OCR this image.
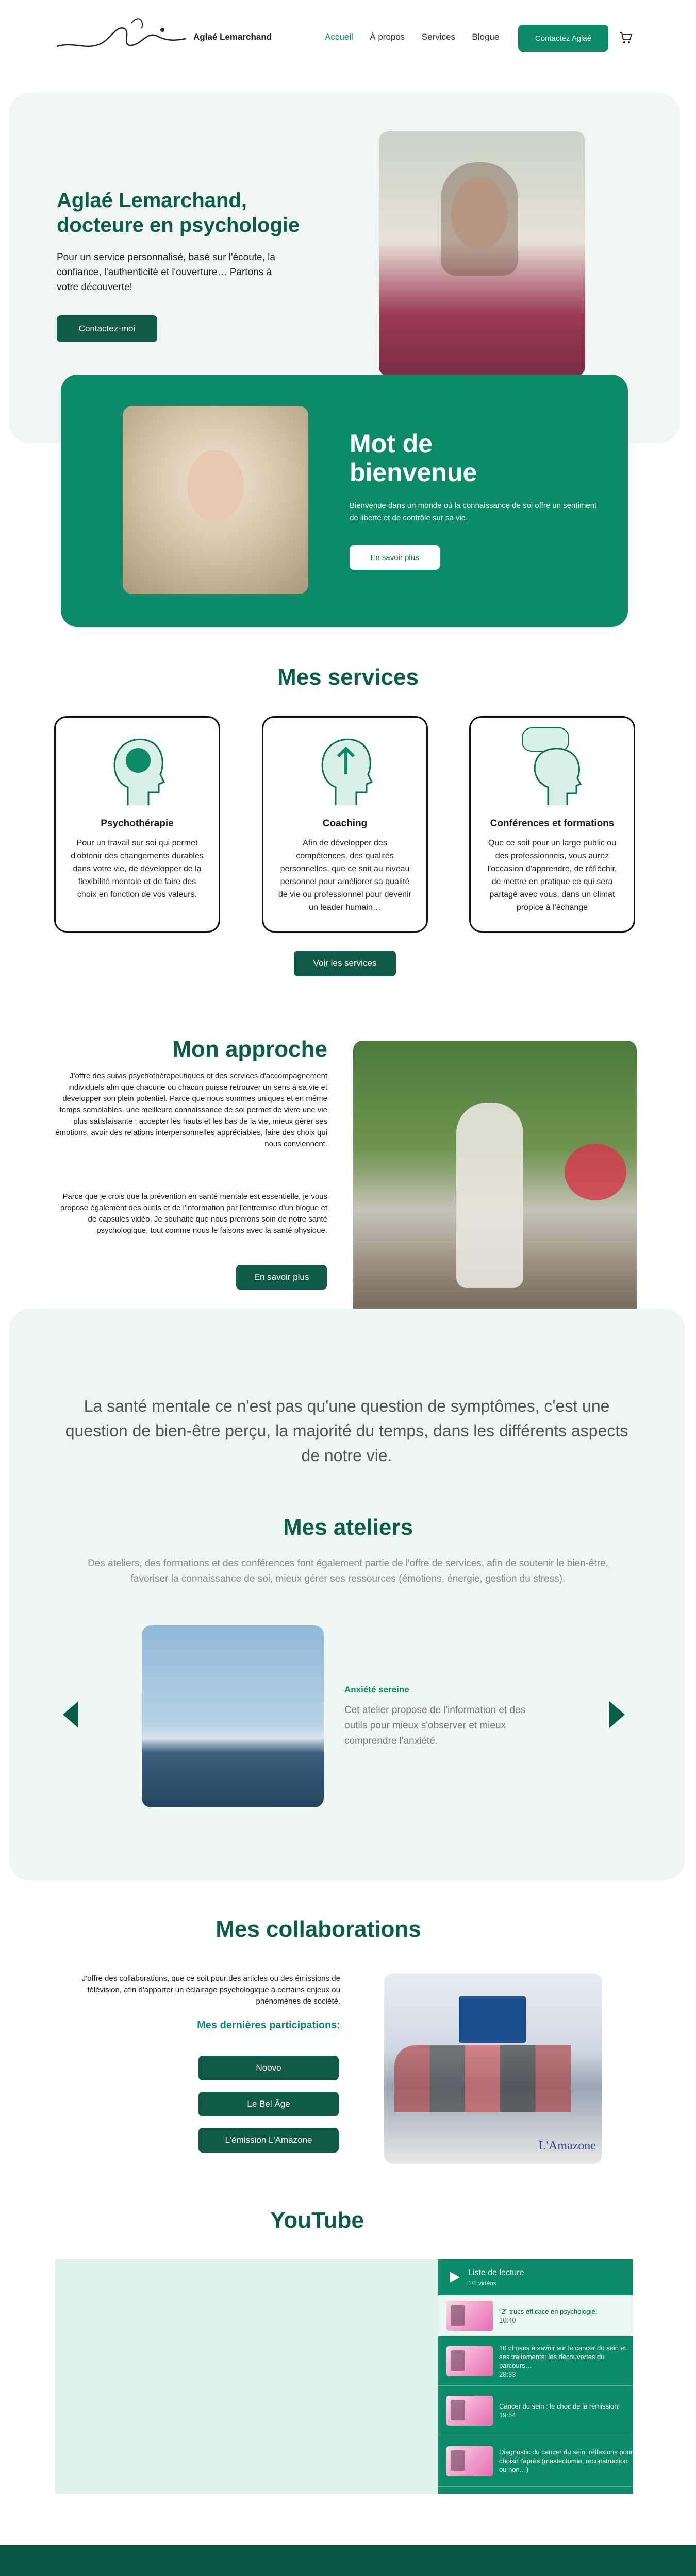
Aglaé Lemarchand	Accueil À propos Services Blogue	Contactez Aglaé
Aglaé Lemarchand,
docteure en psychologie
Pour un service personnalisé, basé sur l'écoute, la confiance, l'authenticité et l'ouverture… Partons à votre découverte!
Contactez-moi
Mot de
bienvenue
Bienvenue dans un monde où la connaissance de soi offre un sentiment de liberté et de contrôle sur sa vie.
En savoir plus
Mes services
Psychothérapie

Pour un travail sur soi qui permet d'obtenir des changements durables dans votre vie, de développer de la flexibilité mentale et de faire des choix en fonction de vos valeurs.

Coaching

Afin de développer des compétences, des qualités personnelles, que ce soit au niveau personnel pour améliorer sa qualité de vie ou professionnel pour devenir un leader humain…

Conférences et formations

Que ce soit pour un large public ou des professionnels, vous aurez l'occasion d'apprendre, de réfléchir, de mettre en pratique ce qui sera partagé avec vous, dans un climat propice à l'échange

Voir les services
Mon approche
J'offre des suivis psychothérapeutiques et des services d'accompagnement individuels afin que chacune ou chacun puisse retrouver un sens à sa vie et développer son plein potentiel. Parce que nous sommes uniques et en même temps semblables, une meilleure connaissance de soi permet de vivre une vie plus satisfaisante : accepter les hauts et les bas de la vie, mieux gérer ses émotions, avoir des relations interpersonnelles appréciables, faire des choix qui nous conviennent.
Parce que je crois que la prévention en santé mentale est essentielle, je vous propose également des outils et de l'information par l'entremise d'un blogue et de capsules vidéo. Je souhaite que nous prenions soin de notre santé psychologique, tout comme nous le faisons avec la santé physique.
En savoir plus
La santé mentale ce n'est pas qu'une question de symptômes, c'est une question de bien-être perçu, la majorité du temps, dans les différents aspects de notre vie.
Mes ateliers
Des ateliers, des formations et des conférences font également partie de l'offre de services, afin de soutenir le bien-être, favoriser la connaissance de soi, mieux gérer ses ressources (émotions, énergie, gestion du stress).
Anxiété sereine
Cet atelier propose de l'information et des outils pour mieux s'observer et mieux comprendre l'anxiété.
Mes collaborations
J'offre des collaborations, que ce soit pour des articles ou des émissions de télévision, afin d'apporter un éclairage psychologique à certains enjeux ou phénomènes de société.
Mes dernières participations:
Noovo
Le Bel Âge
L'émission L'Amazone	L'Amazone
YouTube
Liste de lecture
1/5 vidéos
"2" trucs efficace en psychologie!
10:40
10 choses à savoir sur le cancer du sein et ses traitements: les découvertes du parcours…
28:33
Cancer du sein : le choc de la rémission!
19:54
Diagnostic du cancer du sein: réflexions pour choisir l'après (mastectomie, reconstruction ou non…)
